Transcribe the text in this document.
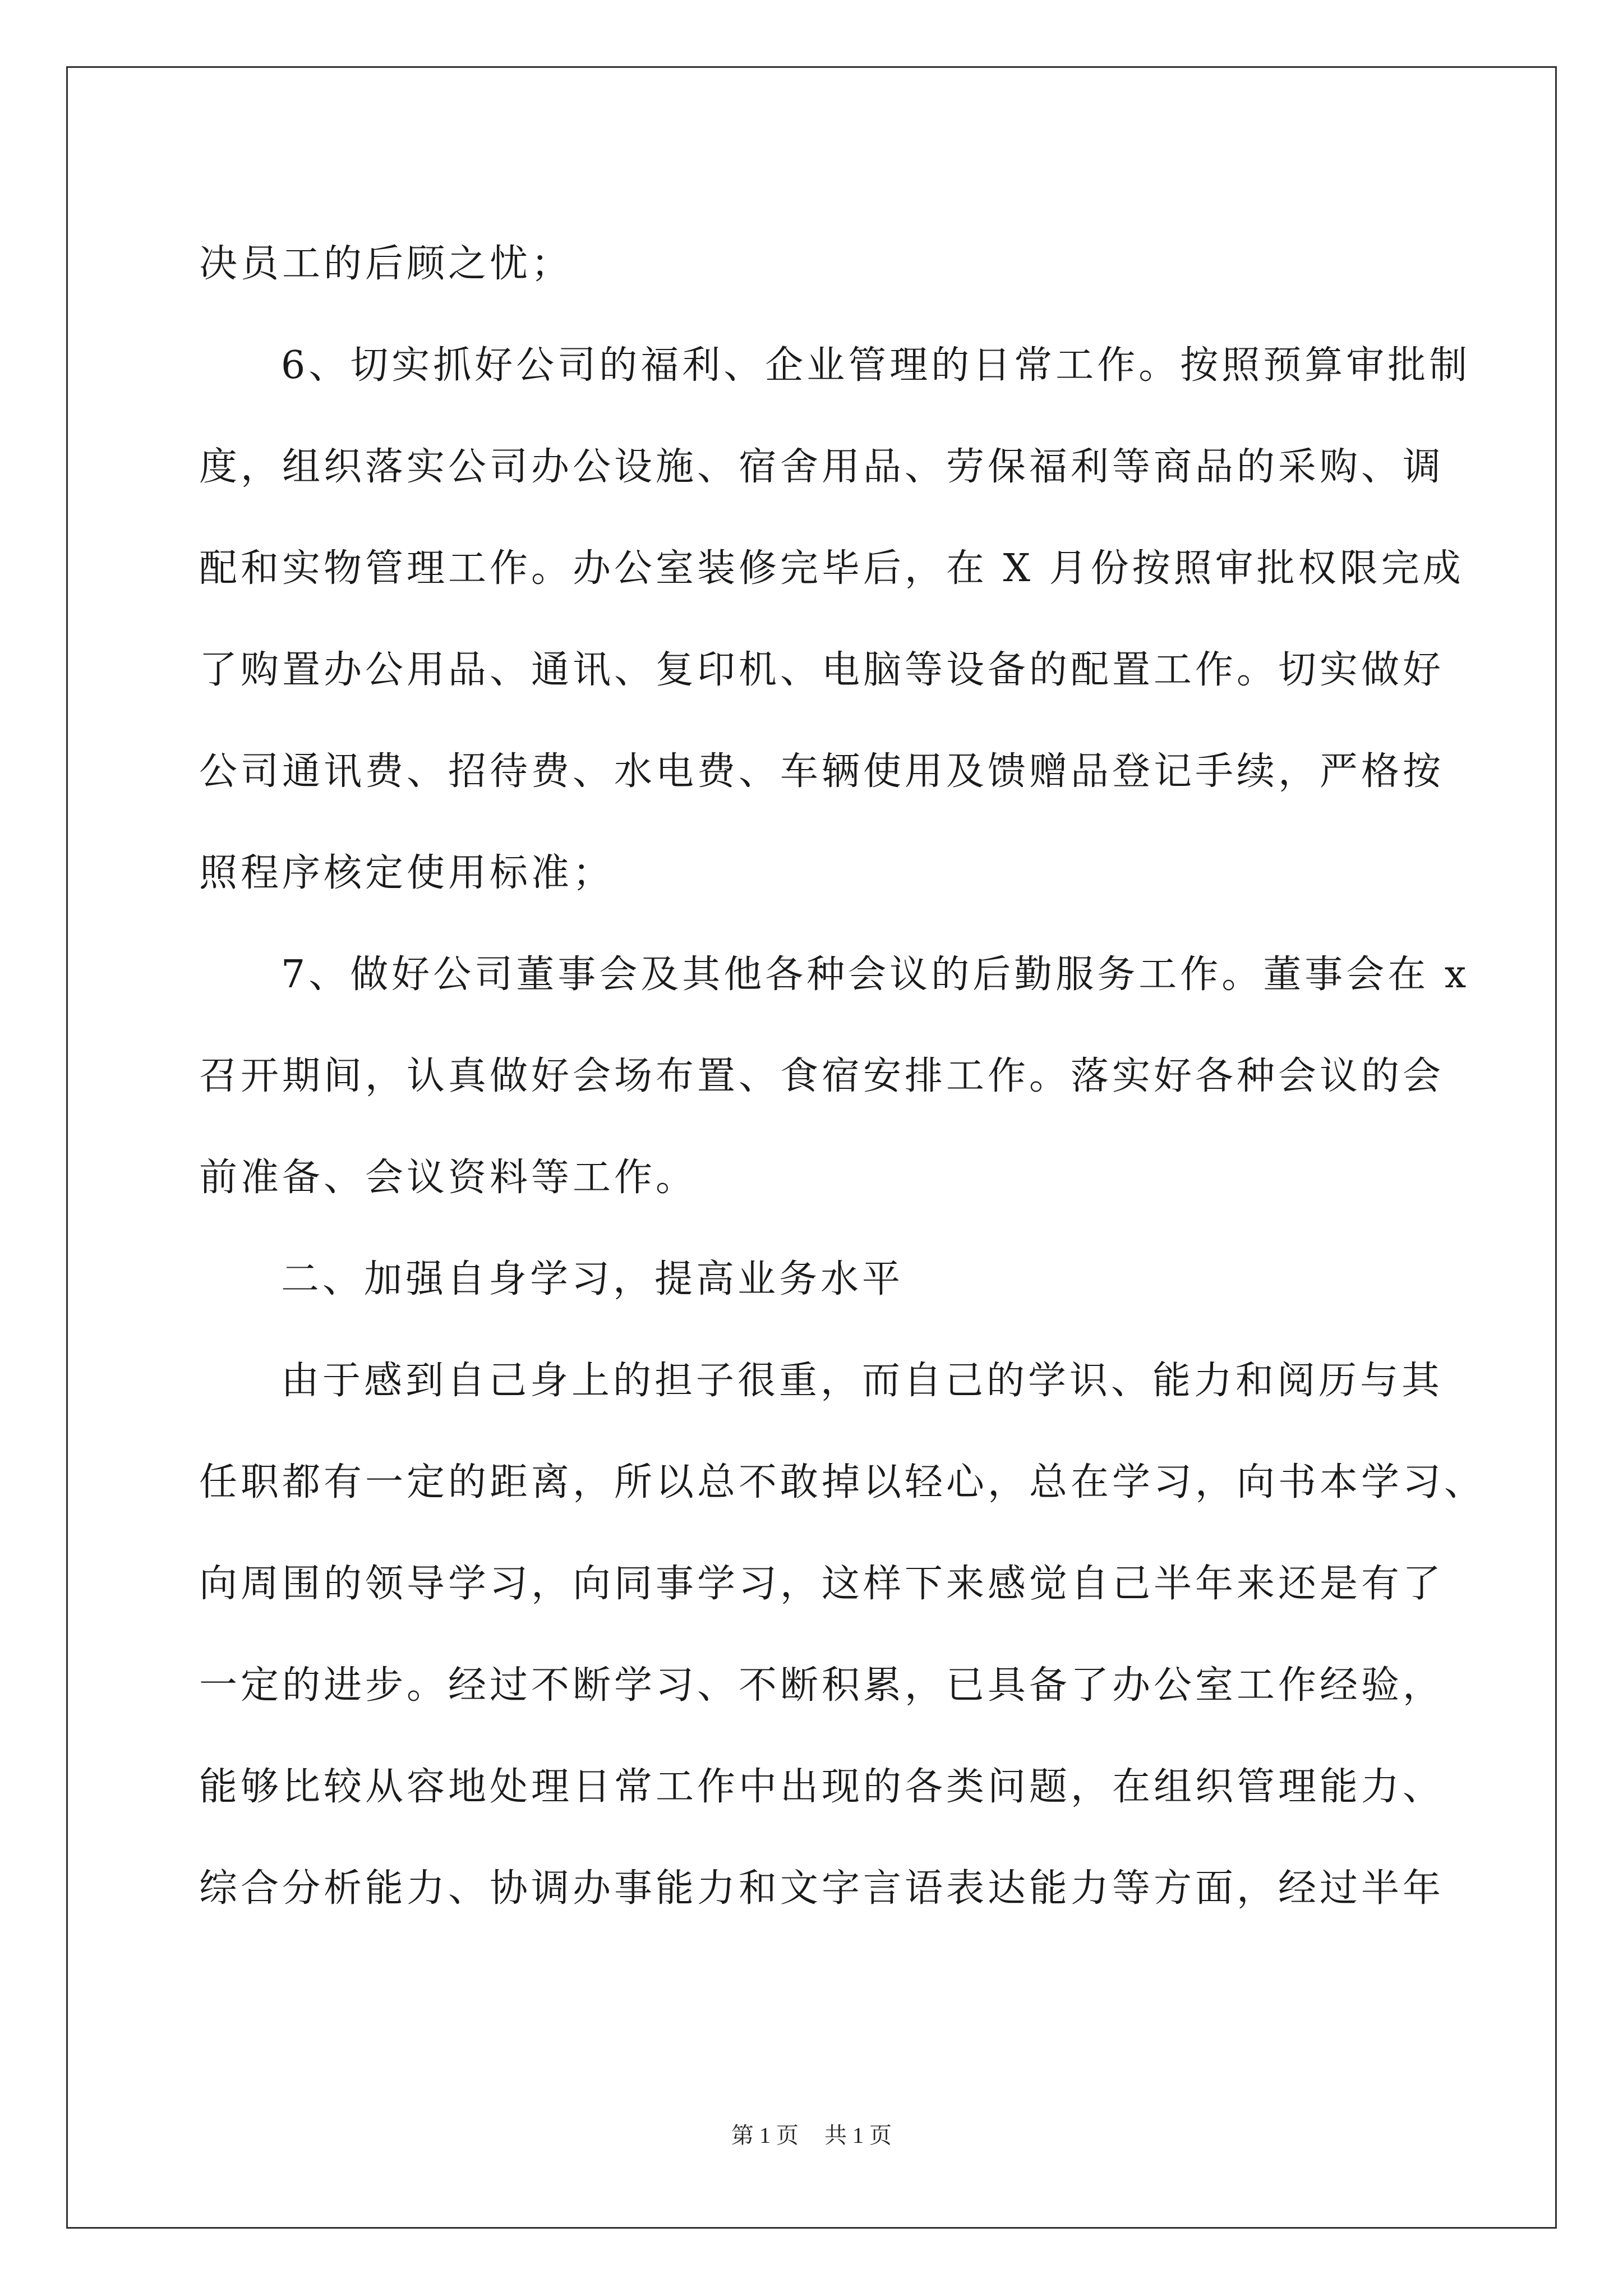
决员工的后顾之忧；
6、切实抓好公司的福利、企业管理的日常工作。按照预算审批制
度，组织落实公司办公设施、宿舍用品、劳保福利等商品的采购、调
配和实物管理工作。办公室装修完毕后，在 X 月份按照审批权限完成
了购置办公用品、通讯、复印机、电脑等设备的配置工作。切实做好
公司通讯费、招待费、水电费、车辆使用及馈赠品登记手续，严格按
照程序核定使用标准；
7、做好公司董事会及其他各种会议的后勤服务工作。董事会在 x
召开期间，认真做好会场布置、食宿安排工作。落实好各种会议的会
前准备、会议资料等工作。
二、加强自身学习，提高业务水平
由于感到自己身上的担子很重，而自己的学识、能力和阅历与其
任职都有一定的距离，所以总不敢掉以轻心，总在学习，向书本学习、
向周围的领导学习，向同事学习，这样下来感觉自己半年来还是有了
一定的进步。经过不断学习、不断积累，已具备了办公室工作经验，
能够比较从容地处理日常工作中出现的各类问题，在组织管理能力、
综合分析能力、协调办事能力和文字言语表达能力等方面，经过半年
第 1 页 共 1 页
